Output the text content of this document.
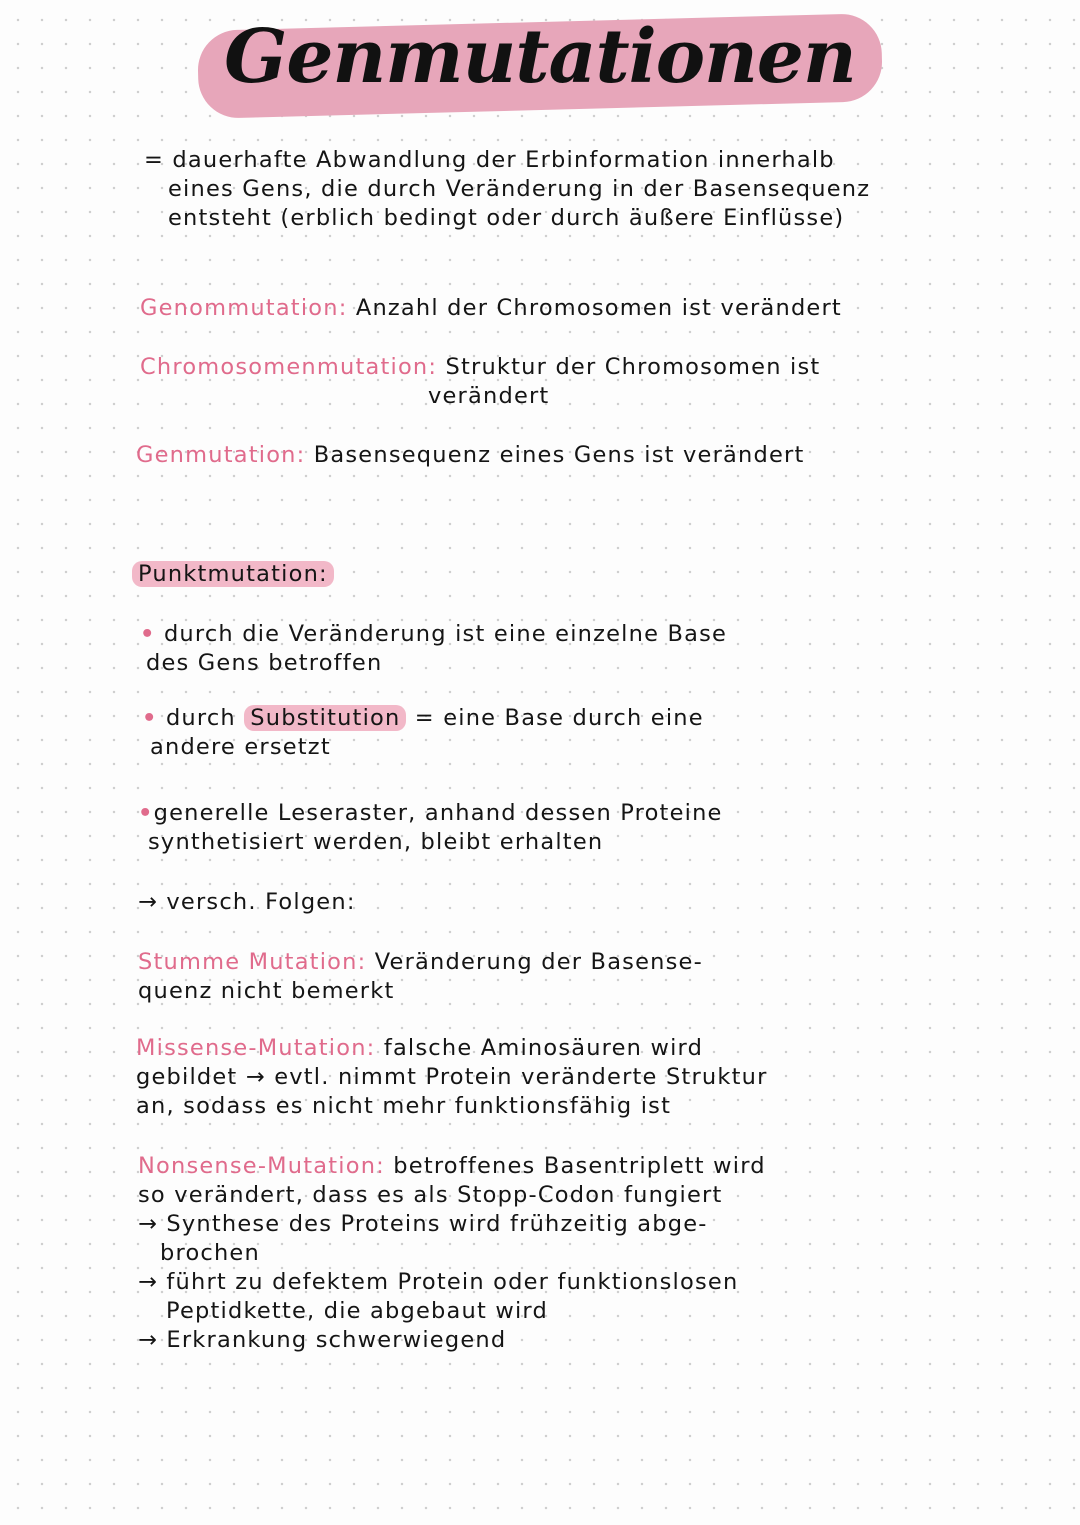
Genmutationen
= dauerhafte Abwandlung der Erbinformation innerhalb
eines Gens, die durch Veränderung in der Basensequenz
entsteht (erblich bedingt oder durch äußere Einflüsse)
Genommutation: Anzahl der Chromosomen ist verändert
Chromosomenmutation: Struktur der Chromosomen ist
verändert
Genmutation: Basensequenz eines Gens ist verändert
Punktmutation:
• durch die Veränderung ist eine einzelne Base
des Gens betroffen
• durch Substitution = eine Base durch eine
andere ersetzt
•generelle Leseraster, anhand dessen Proteine
synthetisiert werden, bleibt erhalten
→ versch. Folgen:
Stumme Mutation: Veränderung der Basense-
quenz nicht bemerkt
Missense-Mutation: falsche Aminosäuren wird
gebildet → evtl. nimmt Protein veränderte Struktur
an, sodass es nicht mehr funktionsfähig ist
Nonsense-Mutation: betroffenes Basentriplett wird
so verändert, dass es als Stopp-Codon fungiert
→ Synthese des Proteins wird frühzeitig abge-
brochen
→ führt zu defektem Protein oder funktionslosen
Peptidkette, die abgebaut wird
→ Erkrankung schwerwiegend
